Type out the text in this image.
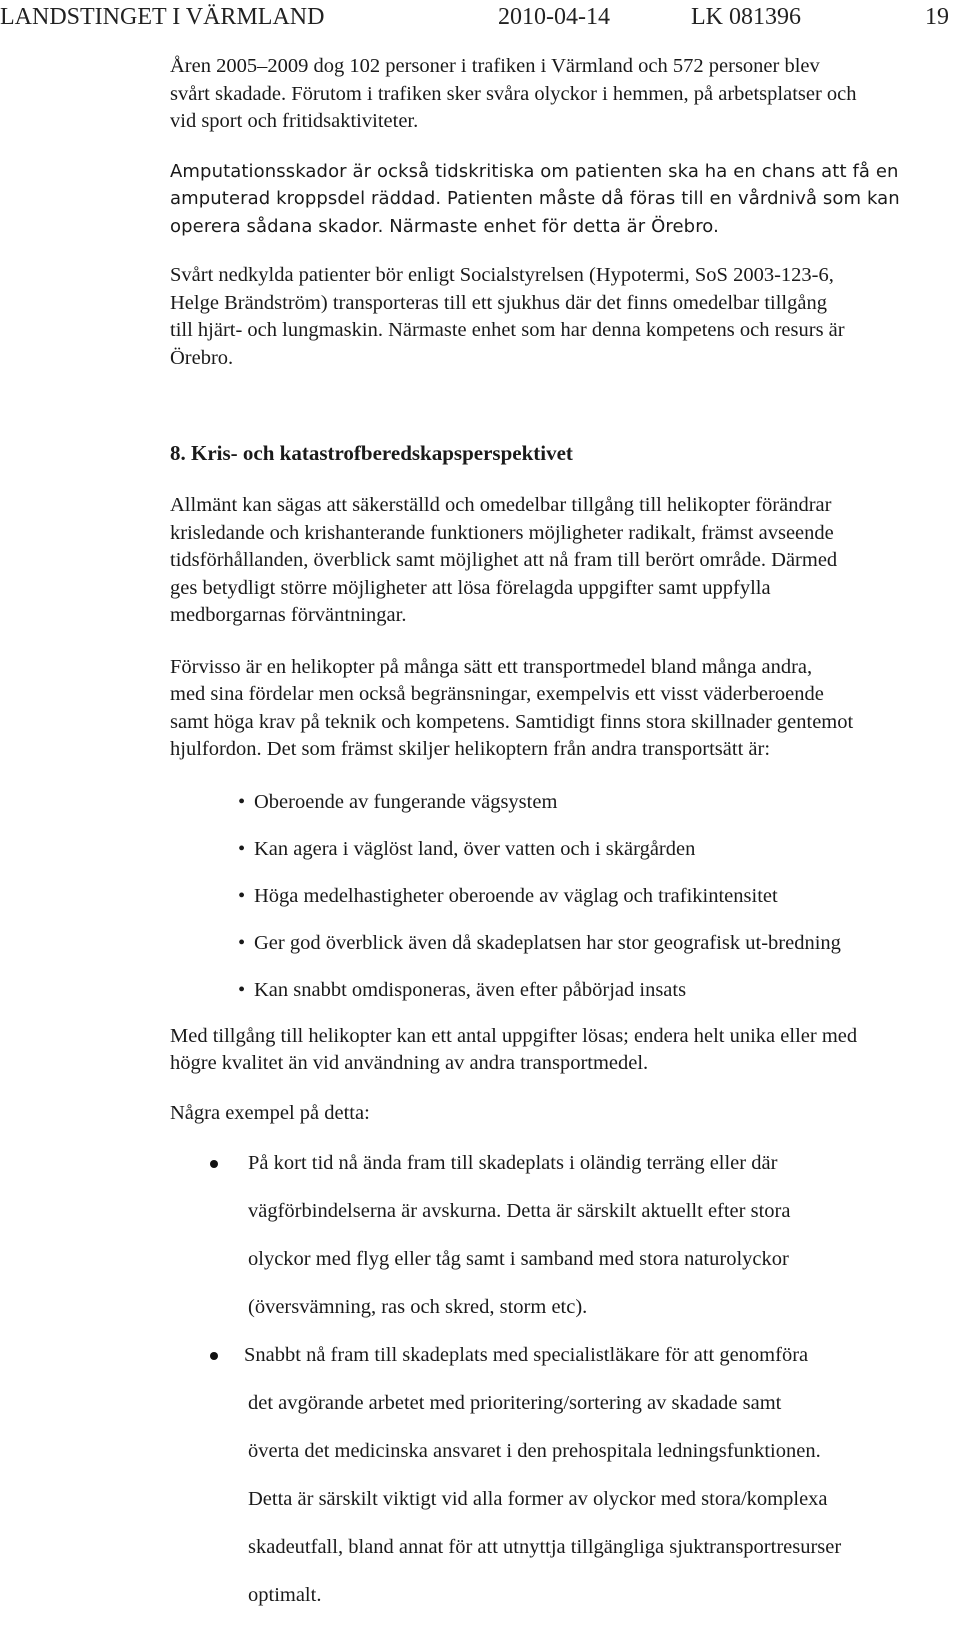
LANDSTINGET I VÄRMLAND	2010-04-14	LK 081396	19

Åren 2005–2009 dog 102 personer i trafiken i Värmland och 572 personer blev

svårt skadade. Förutom i trafiken sker svåra olyckor i hemmen, på arbetsplatser och

vid sport och fritidsaktiviteter.

Amputationsskador är också tidskritiska om patienten ska ha en chans att få en

amputerad kroppsdel räddad. Patienten måste då föras till en vårdnivå som kan

operera sådana skador. Närmaste enhet för detta är Örebro.

Svårt nedkylda patienter bör enligt Socialstyrelsen (Hypotermi, SoS 2003-123-6,

Helge Brändström) transporteras till ett sjukhus där det finns omedelbar tillgång

till hjärt- och lungmaskin. Närmaste enhet som har denna kompetens och resurs är

Örebro.

8. Kris- och katastrofberedskapsperspektivet

Allmänt kan sägas att säkerställd och omedelbar tillgång till helikopter förändrar

krisledande och krishanterande funktioners möjligheter radikalt, främst avseende

tidsförhållanden, överblick samt möjlighet att nå fram till berört område. Därmed

ges betydligt större möjligheter att lösa förelagda uppgifter samt uppfylla

medborgarnas förväntningar.

Förvisso är en helikopter på många sätt ett transportmedel bland många andra,

med sina fördelar men också begränsningar, exempelvis ett visst väderberoende

samt höga krav på teknik och kompetens. Samtidigt finns stora skillnader gentemot

hjulfordon. Det som främst skiljer helikoptern från andra transportsätt är:

• Oberoende av fungerande vägsystem
• Kan agera i väglöst land, över vatten och i skärgården
• Höga medelhastigheter oberoende av väglag och trafikintensitet
• Ger god överblick även då skadeplatsen har stor geografisk ut-bredning
• Kan snabbt omdisponeras, även efter påbörjad insats

Med tillgång till helikopter kan ett antal uppgifter lösas; endera helt unika eller med

högre kvalitet än vid användning av andra transportmedel.

Några exempel på detta:

På kort tid nå ända fram till skadeplats i oländig terräng eller där

vägförbindelserna är avskurna. Detta är särskilt aktuellt efter stora

olyckor med flyg eller tåg samt i samband med stora naturolyckor

(översvämning, ras och skred, storm etc).

Snabbt nå fram till skadeplats med specialistläkare för att genomföra

det avgörande arbetet med prioritering/sortering av skadade samt

överta det medicinska ansvaret i den prehospitala ledningsfunktionen.

Detta är särskilt viktigt vid alla former av olyckor med stora/komplexa

skadeutfall, bland annat för att utnyttja tillgängliga sjuktransportresurser

optimalt.
